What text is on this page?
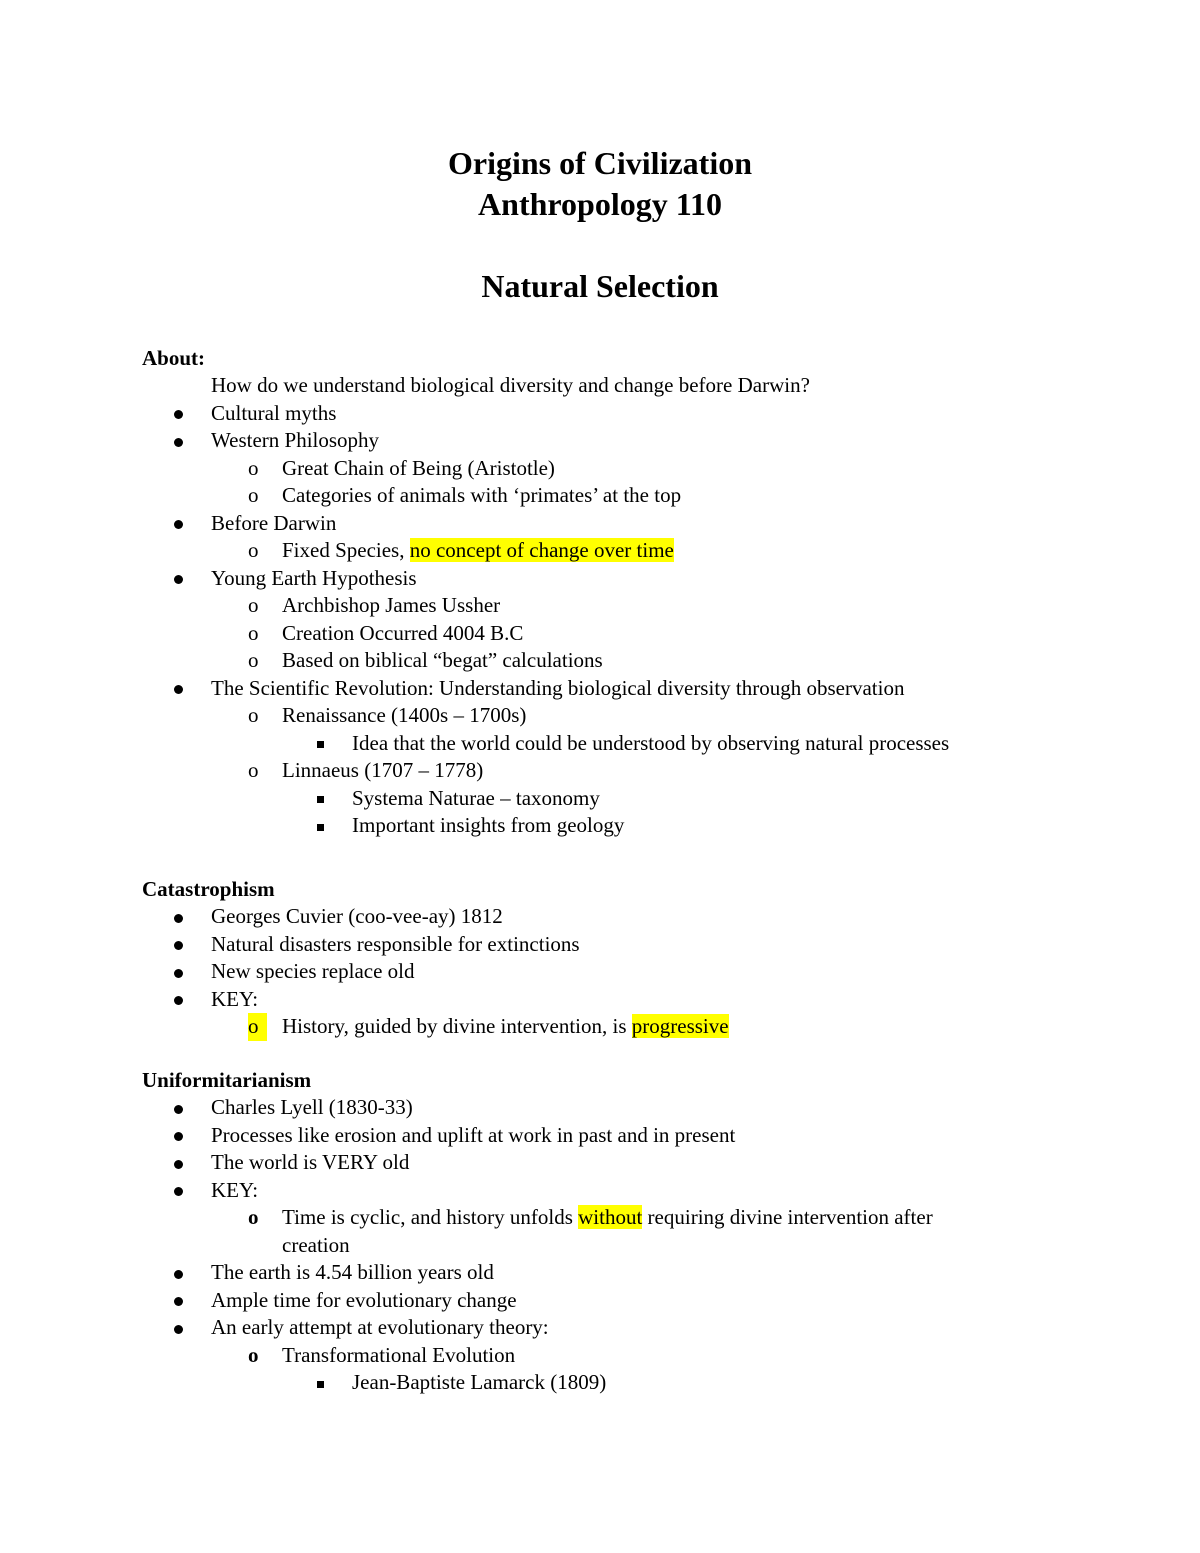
Origins of Civilization
Anthropology 110
Natural Selection
About:
How do we understand biological diversity and change before Darwin?
Cultural myths
Western Philosophy
o Great Chain of Being (Aristotle)
o Categories of animals with ‘primates’ at the top
Before Darwin
o Fixed Species, no concept of change over time
Young Earth Hypothesis
o Archbishop James Ussher
o Creation Occurred 4004 B.C
o Based on biblical “begat” calculations
The Scientific Revolution: Understanding biological diversity through observation
o Renaissance (1400s – 1700s)
Idea that the world could be understood by observing natural processes
o Linnaeus (1707 – 1778)
Systema Naturae – taxonomy
Important insights from geology
Catastrophism
Georges Cuvier (coo-vee-ay) 1812
Natural disasters responsible for extinctions
New species replace old
KEY:
o	History, guided by divine intervention, is progressive
Uniformitarianism
Charles Lyell (1830-33)
Processes like erosion and uplift at work in past and in present
The world is VERY old
KEY:
o Time is cyclic, and history unfolds without requiring divine intervention after
creation
The earth is 4.54 billion years old
Ample time for evolutionary change
An early attempt at evolutionary theory:
o Transformational Evolution
Jean-Baptiste Lamarck (1809)
